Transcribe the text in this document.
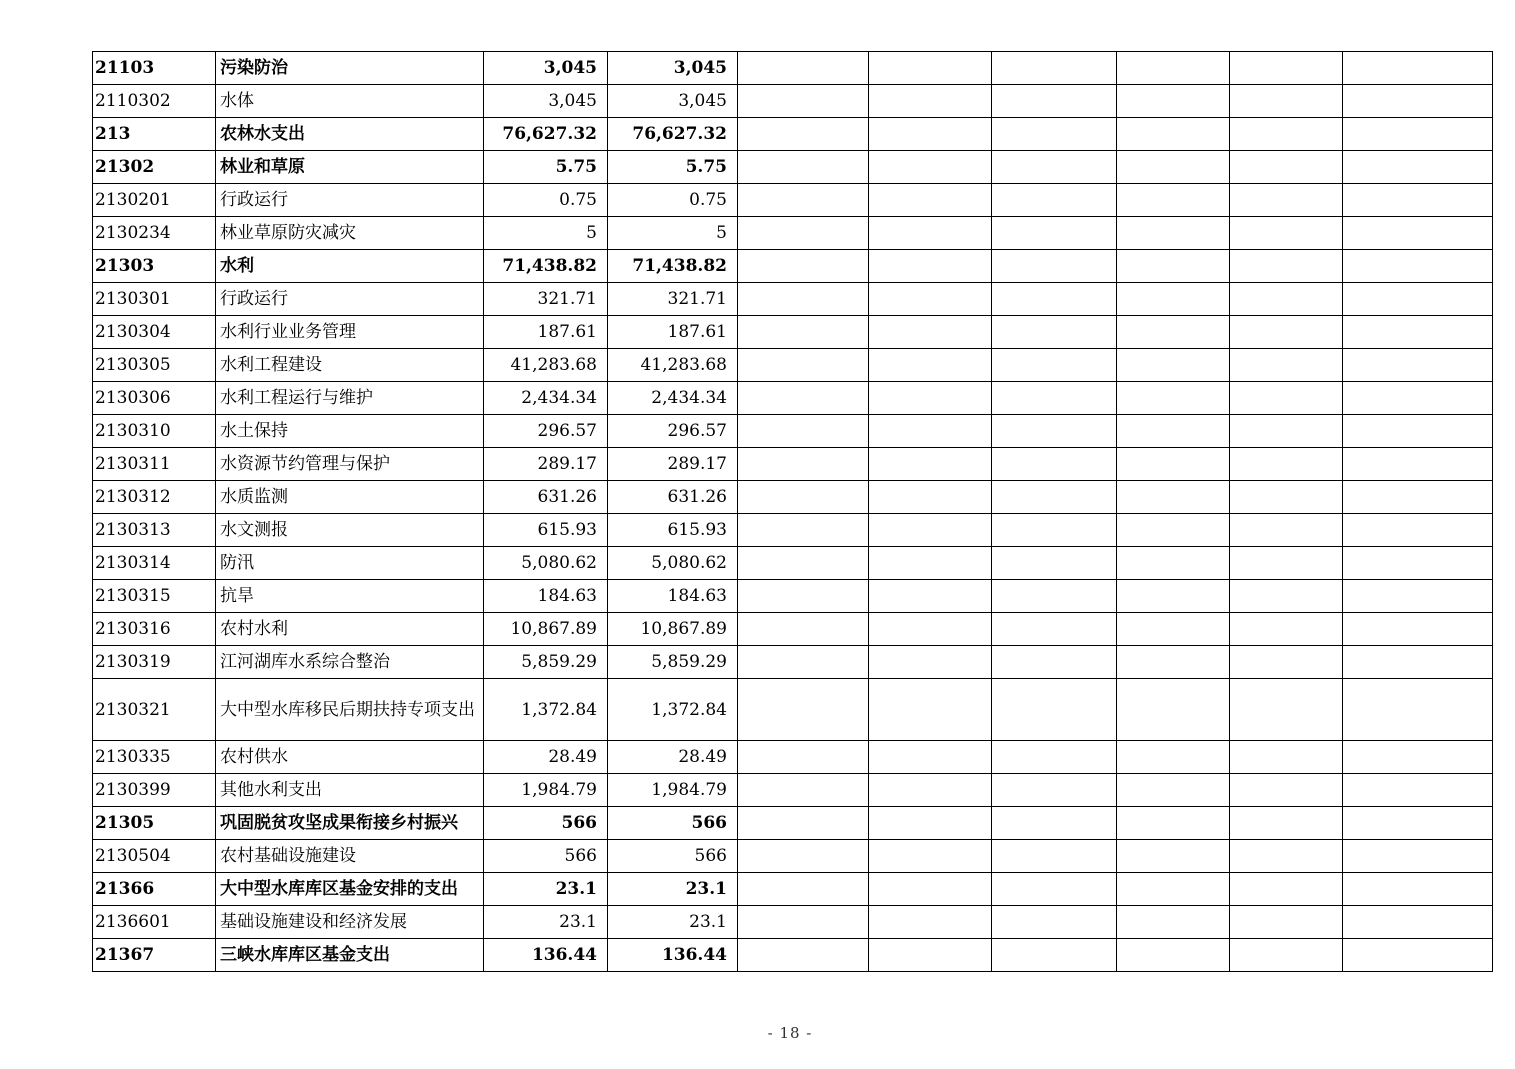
21103	污染防治	3,045	3,045						
2110302	水体	3,045	3,045						
213	农林水支出	76,627.32	76,627.32						
21302	林业和草原	5.75	5.75						
2130201	行政运行	0.75	0.75						
2130234	林业草原防灾减灾	5	5						
21303	水利	71,438.82	71,438.82						
2130301	行政运行	321.71	321.71						
2130304	水利行业业务管理	187.61	187.61						
2130305	水利工程建设	41,283.68	41,283.68						
2130306	水利工程运行与维护	2,434.34	2,434.34						
2130310	水土保持	296.57	296.57						
2130311	水资源节约管理与保护	289.17	289.17						
2130312	水质监测	631.26	631.26						
2130313	水文测报	615.93	615.93						
2130314	防汛	5,080.62	5,080.62						
2130315	抗旱	184.63	184.63						
2130316	农村水利	10,867.89	10,867.89						
2130319	江河湖库水系综合整治	5,859.29	5,859.29						
2130321	大中型水库移民后期扶持专项支出	1,372.84	1,372.84						
2130335	农村供水	28.49	28.49						
2130399	其他水利支出	1,984.79	1,984.79						
21305	巩固脱贫攻坚成果衔接乡村振兴	566	566						
2130504	农村基础设施建设	566	566						
21366	大中型水库库区基金安排的支出	23.1	23.1						
2136601	基础设施建设和经济发展	23.1	23.1						
21367	三峡水库库区基金支出	136.44	136.44						
- 18 -
